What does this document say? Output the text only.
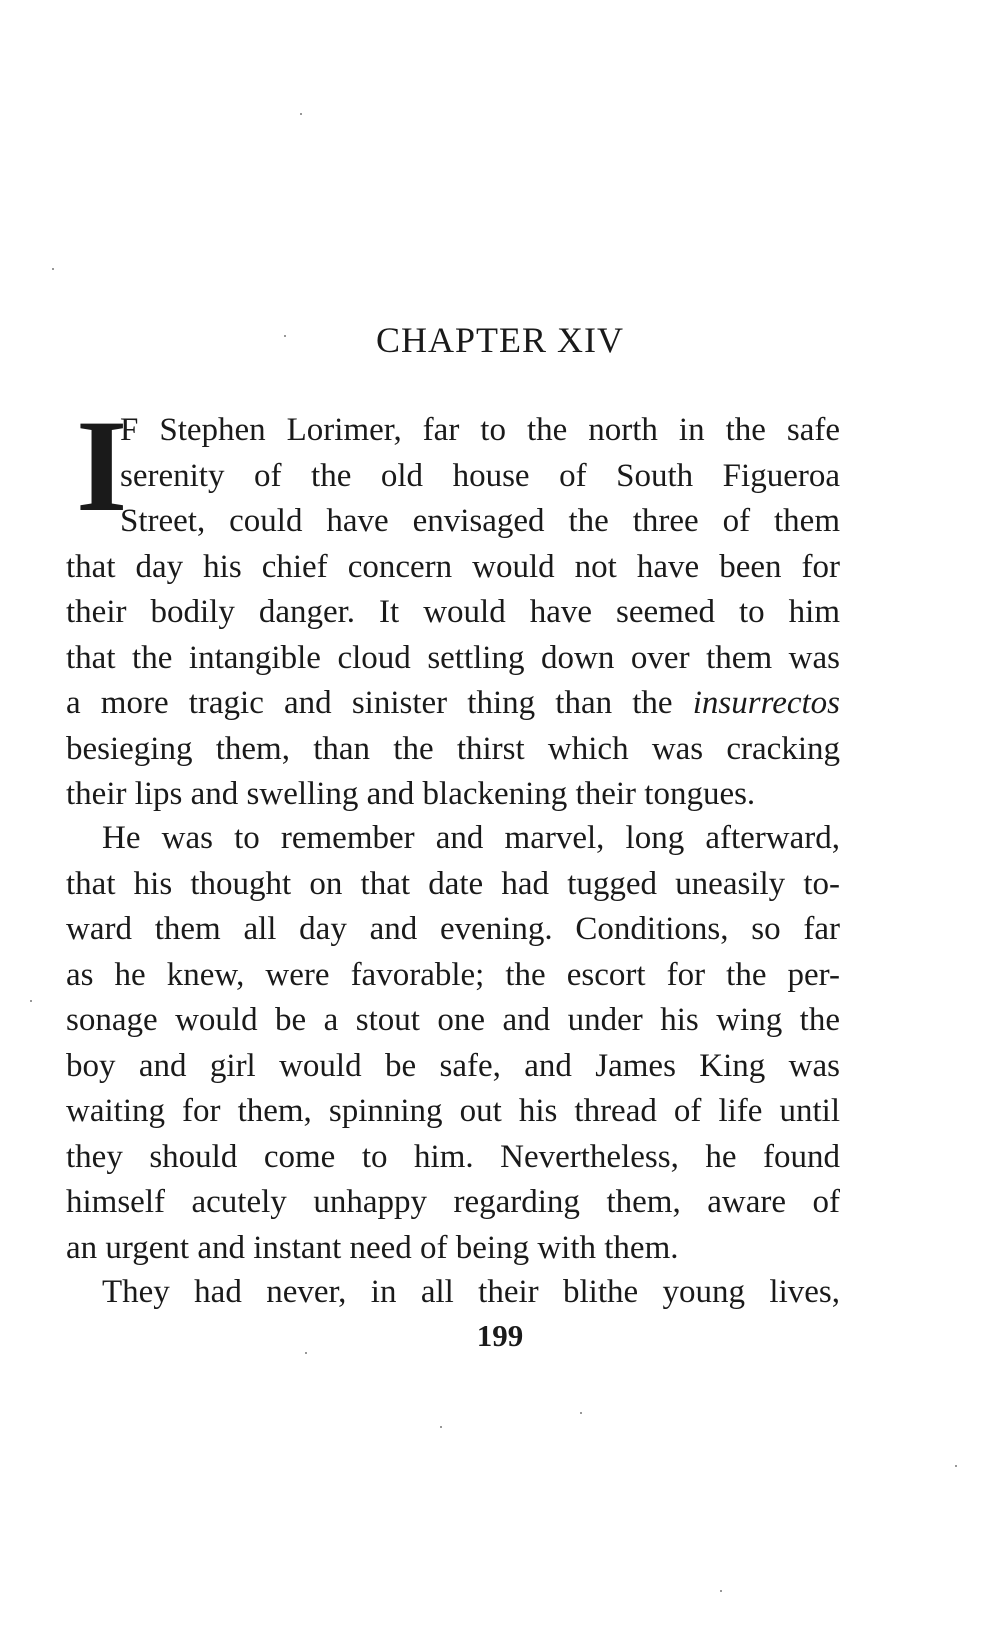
CHAPTER XIV
I
F Stephen Lorimer, far to the north in the safe
serenity of the old house of South Figueroa
Street, could have envisaged the three of them
that day his chief concern would not have been for
their bodily danger. It would have seemed to him
that the intangible cloud settling down over them was
a more tragic and sinister thing than the insurrectos
besieging them, than the thirst which was cracking
their lips and swelling and blackening their tongues.
He was to remember and marvel, long afterward,
that his thought on that date had tugged uneasily to-
ward them all day and evening. Conditions, so far
as he knew, were favorable; the escort for the per-
sonage would be a stout one and under his wing the
boy and girl would be safe, and James King was
waiting for them, spinning out his thread of life until
they should come to him. Nevertheless, he found
himself acutely unhappy regarding them, aware of
an urgent and instant need of being with them.
They had never, in all their blithe young lives,
199
